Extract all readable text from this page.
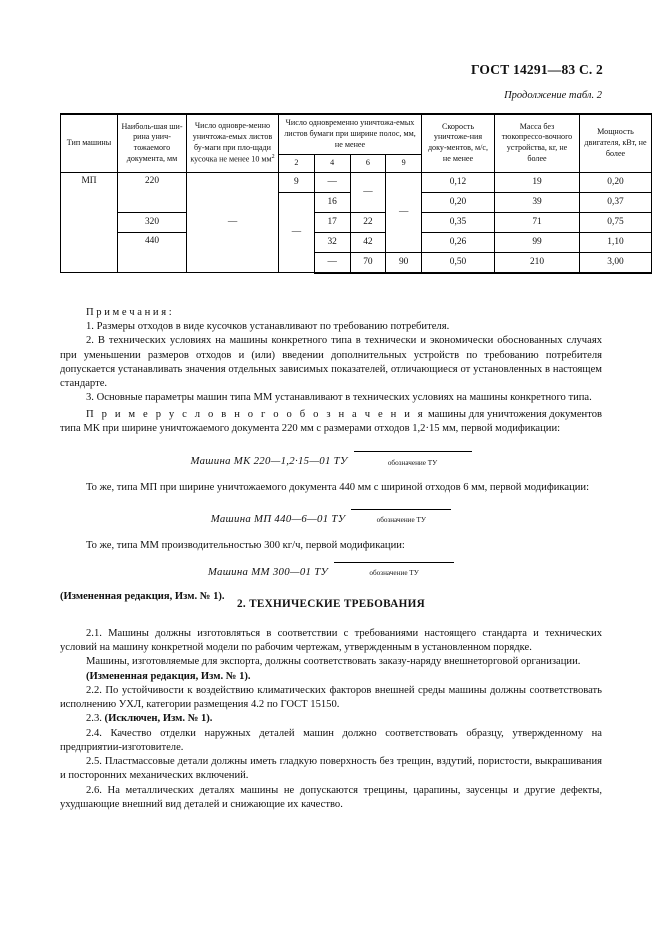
ГОСТ 14291—83 С. 2
Продолжение табл. 2
Тип машины	Наиболь-шая ши-рина унич-тожаемого документа, мм	Число одновре-менно уничтожа-емых листов бу-маги при пло-щади кусочка не менее 10 $мм^2$	Число одновременно уничтожа-емых листов бумаги при ширине полос, мм, не менее				Скорость уничтоже-ния доку-ментов, м/с, не менее	Масса без тюкопрессо-вочного устройства, кг, не более	Мощность двигателя, кВт, не более
			2	4	6	9			
МП	220	—	9	—	—	—	0,12	19	0,20
			—	16			0,20	39	0,37
	320			17	22		0,35	71	0,75
	440			32	42		0,26	99	1,10
				—	70	90	0,50	210	3,00

П р и м е ч а н и я :

1. Размеры отходов в виде кусочков устанавливают по требованию потребителя.

2. В технических условиях на машины конкретного типа в технически и экономически обоснованных случаях при уменьшении размеров отходов и (или) введении дополнительных устройств по требованию потребителя допускается устанавливать значения отдельных зависимых показателей, отличающиеся от установленных в настоящем стандарте.

3. Основные параметры машин типа ММ устанавливают в технических условиях на машины конкретного типа.

П р и м е р у с л о в н о г о о б о з н а ч е н и я машины для уничтожения документов типа МК при ширине уничтожаемого документа 220 мм с размерами отходов 1,2·15 мм, первой модификации:

Машина МК 220—1,2·15—01 ТУ	обозначение ТУ

То же, типа МП при ширине уничтожаемого документа 440 мм с шириной отходов 6 мм, первой модификации:

Машина МП 440—6—01 ТУ	обозначение ТУ

То же, типа ММ производительностью 300 кг/ч, первой модификации:

Машина ММ 300—01 ТУ	обозначение ТУ

(Измененная редакция, Изм. № 1).

2. ТЕХНИЧЕСКИЕ ТРЕБОВАНИЯ

2.1. Машины должны изготовляться в соответствии с требованиями настоящего стандарта и технических условий на машину конкретной модели по рабочим чертежам, утвержденным в установленном порядке.

Машины, изготовляемые для экспорта, должны соответствовать заказу-наряду внешнеторговой организации.

(Измененная редакция, Изм. № 1).

2.2. По устойчивости к воздействию климатических факторов внешней среды машины должны соответствовать исполнению УХЛ, категории размещения 4.2 по ГОСТ 15150.

2.3. (Исключен, Изм. № 1).

2.4. Качество отделки наружных деталей машин должно соответствовать образцу, утвержденному на предприятии-изготовителе.

2.5. Пластмассовые детали должны иметь гладкую поверхность без трещин, вздутий, пористости, выкрашивания и посторонних механических включений.

2.6. На металлических деталях машины не допускаются трещины, царапины, заусенцы и другие дефекты, ухудшающие внешний вид деталей и снижающие их качество.
